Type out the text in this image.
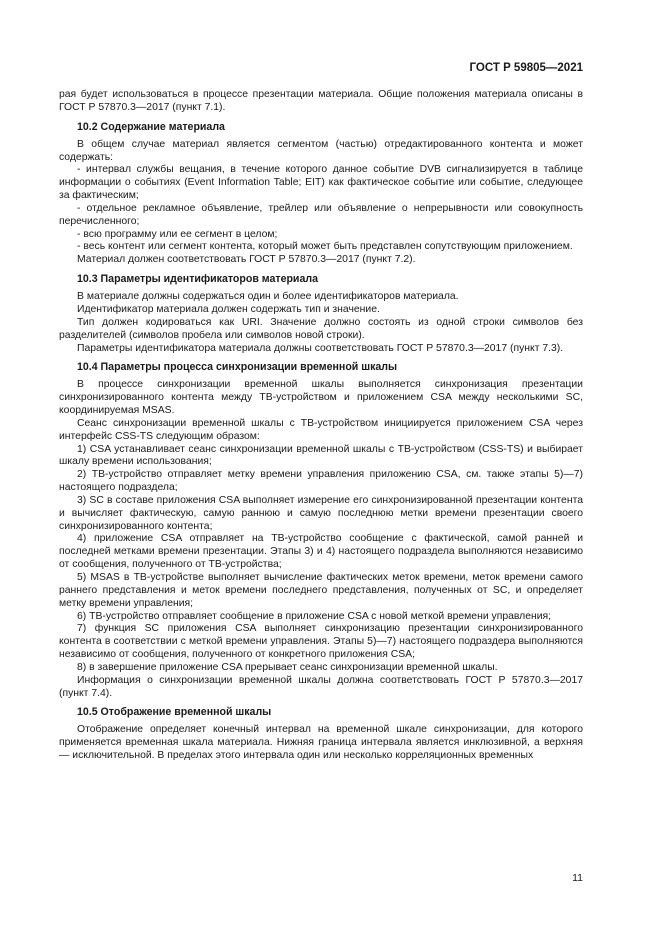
ГОСТ Р 59805—2021

рая будет использоваться в процессе презентации материала. Общие положения материала описаны в ГОСТ Р 57870.3—2017 (пункт 7.1).

10.2 Содержание материала

В общем случае материал является сегментом (частью) отредактированного контента и может содержать:

- интервал службы вещания, в течение которого данное событие DVB сигнализируется в таблице информации о событиях (Event Information Table; EIT) как фактическое событие или событие, следующее за фактическим;

- отдельное рекламное объявление, трейлер или объявление о непрерывности или совокупность перечисленного;

- всю программу или ее сегмент в целом;

- весь контент или сегмент контента, который может быть представлен сопутствующим приложением.

Материал должен соответствовать ГОСТ Р 57870.3—2017 (пункт 7.2).

10.3 Параметры идентификаторов материала

В материале должны содержаться один и более идентификаторов материала.

Идентификатор материала должен содержать тип и значение.

Тип должен кодироваться как URI. Значение должно состоять из одной строки символов без разделителей (символов пробела или символов новой строки).

Параметры идентификатора материала должны соответствовать ГОСТ Р 57870.3—2017 (пункт 7.3).

10.4 Параметры процесса синхронизации временной шкалы

В процессе синхронизации временной шкалы выполняется синхронизация презентации синхронизированного контента между ТВ-устройством и приложением CSA между несколькими SC, координируемая MSAS.

Сеанс синхронизации временной шкалы с ТВ-устройством инициируется приложением CSA через интерфейс CSS-TS следующим образом:

1) CSA устанавливает сеанс синхронизации временной шкалы с ТВ-устройством (CSS-TS) и выбирает шкалу времени использования;

2) ТВ-устройство отправляет метку времени управления приложению CSA, см. также этапы 5)—7) настоящего подраздела;

3) SC в составе приложения CSA выполняет измерение его синхронизированной презентации контента и вычисляет фактическую, самую раннюю и самую последнюю метки времени презентации своего синхронизированного контента;

4) приложение CSA отправляет на ТВ-устройство сообщение с фактической, самой ранней и последней метками времени презентации. Этапы 3) и 4) настоящего подраздела выполняются независимо от сообщения, полученного от ТВ-устройства;

5) MSAS в ТВ-устройстве выполняет вычисление фактических меток времени, меток времени самого раннего представления и меток времени последнего представления, полученных от SC, и определяет метку времени управления;

6) ТВ-устройство отправляет сообщение в приложение CSA с новой меткой времени управления;

7) функция SC приложения CSA выполняет синхронизацию презентации синхронизированного контента в соответствии с меткой времени управления. Этапы 5)—7) настоящего подраздера выполняются независимо от сообщения, полученного от конкретного приложения CSA;

8) в завершение приложение CSA прерывает сеанс синхронизации временной шкалы.

Информация о синхронизации временной шкалы должна соответствовать ГОСТ Р 57870.3—2017 (пункт 7.4).

10.5 Отображение временной шкалы

Отображение определяет конечный интервал на временной шкале синхронизации, для которого применяется временная шкала материала. Нижняя граница интервала является инклюзивной, а верхняя — исключительной. В пределах этого интервала один или несколько корреляционных временных

11
